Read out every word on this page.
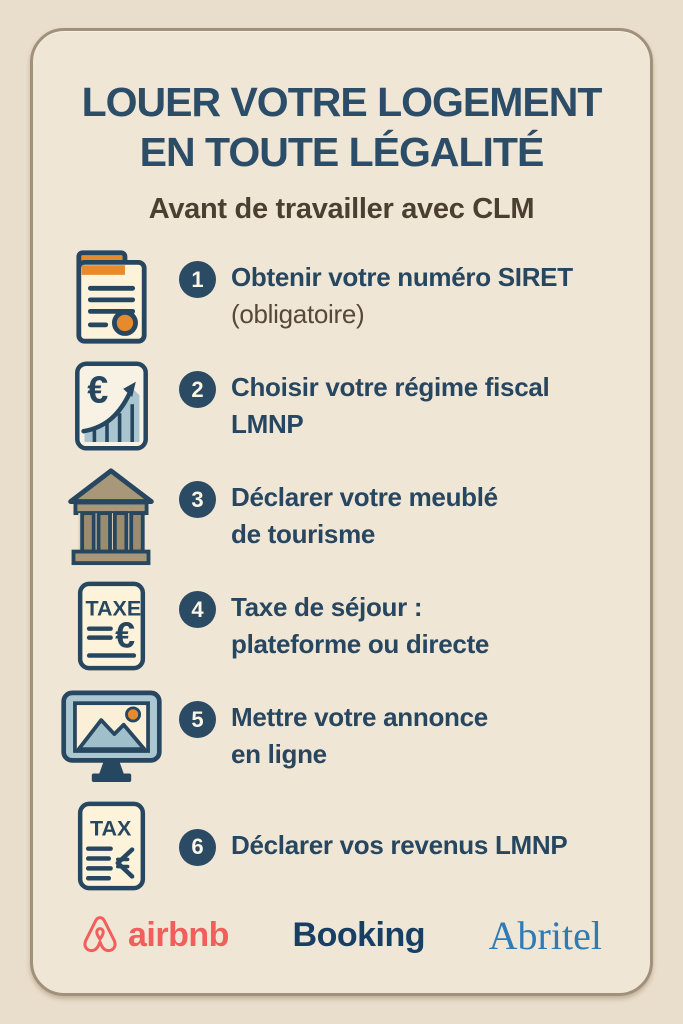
LOUER VOTRE LOGEMENT
EN TOUTE LÉGALITÉ
Avant de travailler avec CLM
1	Obtenir votre numéro SIRET
(obligatoire)
€	2	Choisir votre régime fiscal
LMNP
3	Déclarer votre meublé
de tourisme
TAXE
€
4	Taxe de séjour :
plateforme ou directe
5	Mettre votre annonce
en ligne
TAX
6	Déclarer vos revenus LMNP
airbnb Booking Abritel
